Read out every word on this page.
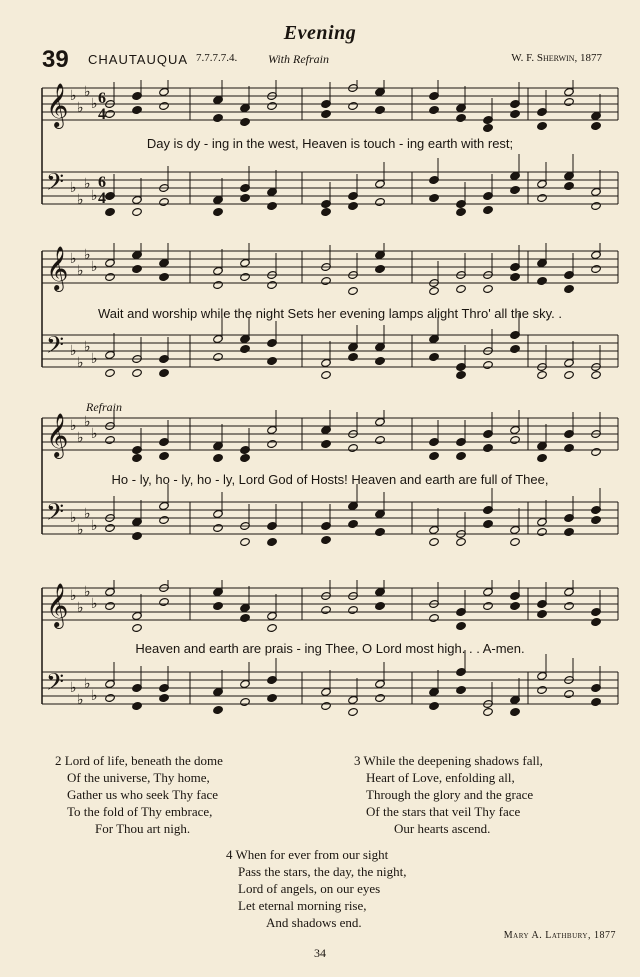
Evening
39 CHAUTAUQUA 7.7.7.7.4.	With Refrain	W. F. Sherwin, 1877
𝄞 ♭
♭
♭
♭
𝄢 ♭
♭
♭
♭
6
4
6
4
Day is dy - ing in the west, Heaven is touch - ing earth with rest;
𝄞 ♭
♭
♭
♭
𝄢 ♭
♭
♭
♭
Wait and worship while the night Sets her evening lamps alight Thro' all the sky. .
Refrain
𝄞 ♭
♭
♭
♭
𝄢 ♭
♭
♭
♭
Ho - ly, ho - ly, ho - ly, Lord God of Hosts! Heaven and earth are full of Thee,
𝄞 ♭
♭
♭
♭
𝄢 ♭
♭
♭
♭
Heaven and earth are prais - ing Thee, O Lord most high. . . A-men.
2 Lord of life, beneath the dome
Of the universe, Thy home,
Gather us who seek Thy face
To the fold of Thy embrace,
For Thou art nigh.
3 While the deepening shadows fall,
Heart of Love, enfolding all,
Through the glory and the grace
Of the stars that veil Thy face
Our hearts ascend.
4 When for ever from our sight
Pass the stars, the day, the night,
Lord of angels, on our eyes
Let eternal morning rise,
And shadows end.
Mary A. Lathbury, 1877
34
